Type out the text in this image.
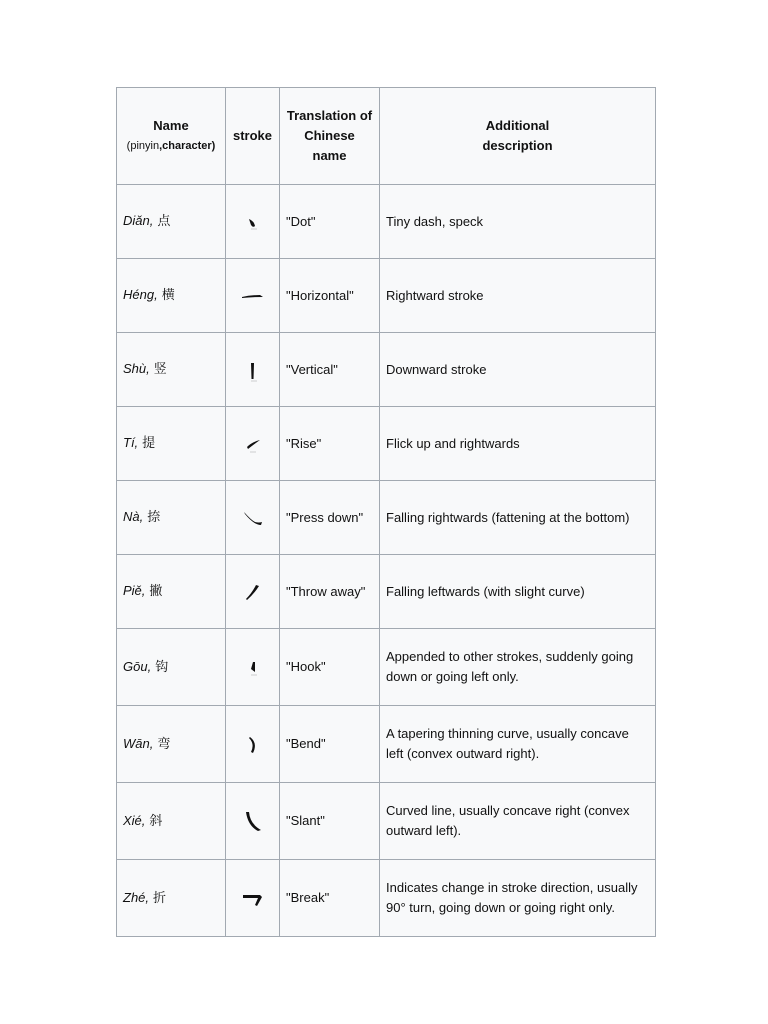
Name
(pinyin,character)	stroke	Translation of Chinese name	Additional description

Diǎn, 点		"Dot"	Tiny dash, speck
Héng, 横		"Horizontal"	Rightward stroke
Shù, 竖		"Vertical"	Downward stroke
Tí, 提		"Rise"	Flick up and rightwards
Nà, 捺		"Press down"	Falling rightwards (fattening at the bottom)
Piě, 撇		"Throw away"	Falling leftwards (with slight curve)
Gōu, 钩		"Hook"	Appended to other strokes, suddenly going down or going left only.
Wān, 弯		"Bend"	A tapering thinning curve, usually concave left (convex outward right).
Xié, 斜		"Slant"	Curved line, usually concave right (convex outward left).
Zhé, 折		"Break"	Indicates change in stroke direction, usually 90° turn, going down or going right only.
